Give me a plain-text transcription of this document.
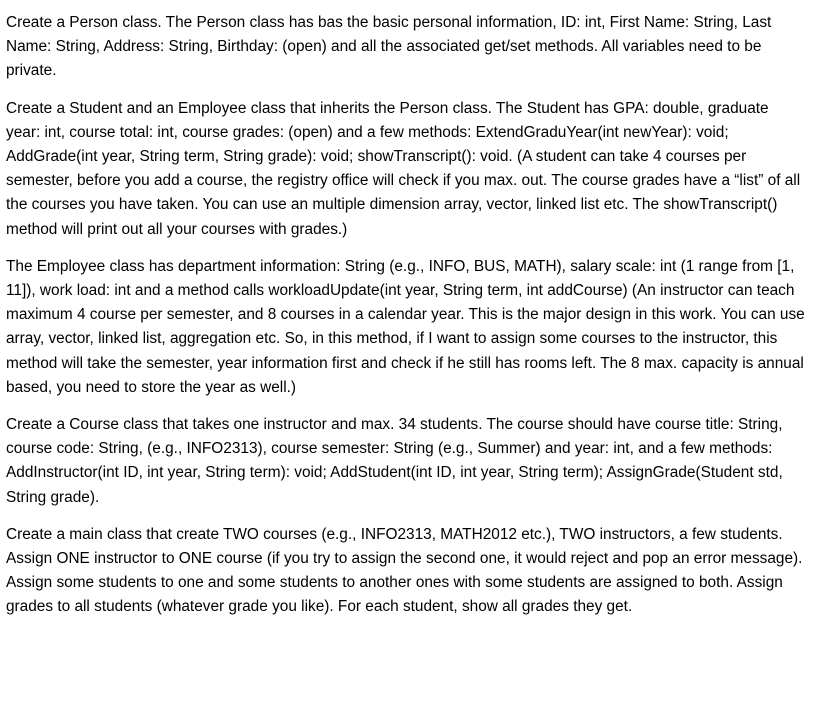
Create a Person class. The Person class has bas the basic personal information, ID: int, First Name: String, Last Name: String, Address: String, Birthday: (open) and all the associated get/set methods. All variables need to be private.

Create a Student and an Employee class that inherits the Person class. The Student has GPA: double, graduate year: int, course total: int, course grades: (open) and a few methods: ExtendGraduYear(int newYear): void; AddGrade(int year, String term, String grade): void; showTranscript(): void. (A student can take 4 courses per semester, before you add a course, the registry office will check if you max. out. The course grades have a “list” of all the courses you have taken. You can use an multiple dimension array, vector, linked list etc. The showTranscript() method will print out all your courses with grades.)

The Employee class has department information: String (e.g., INFO, BUS, MATH), salary scale: int (1 range from [1, 11]), work load: int and a method calls workloadUpdate(int year, String term, int addCourse) (An instructor can teach maximum 4 course per semester, and 8 courses in a calendar year. This is the major design in this work. You can use array, vector, linked list, aggregation etc. So, in this method, if I want to assign some courses to the instructor, this method will take the semester, year information first and check if he still has rooms left. The 8 max. capacity is annual based, you need to store the year as well.)

Create a Course class that takes one instructor and max. 34 students. The course should have course title: String, course code: String, (e.g., INFO2313), course semester: String (e.g., Summer) and year: int, and a few methods: AddInstructor(int ID, int year, String term): void; AddStudent(int ID, int year, String term); AssignGrade(Student std, String grade).

Create a main class that create TWO courses (e.g., INFO2313, MATH2012 etc.), TWO instructors, a few students. Assign ONE instructor to ONE course (if you try to assign the second one, it would reject and pop an error message). Assign some students to one and some students to another ones with some students are assigned to both. Assign grades to all students (whatever grade you like). For each student, show all grades they get.
